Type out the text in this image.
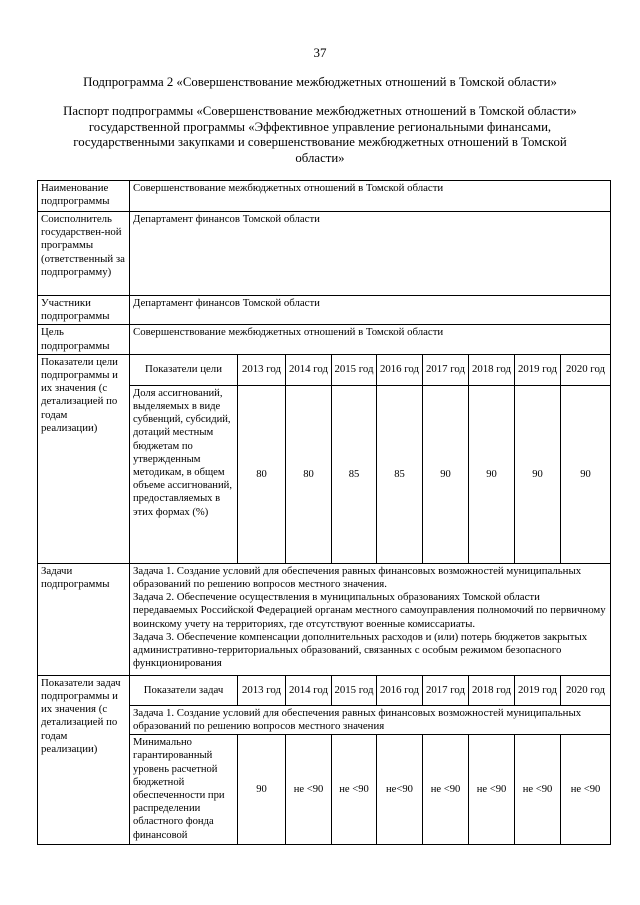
37
Подпрограмма 2 «Совершенствование межбюджетных отношений в Томской области»
Паспорт подпрограммы «Совершенствование межбюджетных отношений в Томской области» государственной программы «Эффективное управление региональными финансами, государственными закупками и совершенствование межбюджетных отношений в Томской области»
Наименование подпрограммы	Совершенствование межбюджетных отношений в Томской области								
Соисполнитель государствен-ной программы (ответственный за подпрограмму)	Департамент финансов Томской области								
Участники подпрограммы	Департамент финансов Томской области								
Цель подпрограммы	Совершенствование межбюджетных отношений в Томской области								
Показатели цели подпрограммы и их значения (с детализацией по годам реализации)	Показатели цели	2013 год	2014 год	2015 год	2016 год	2017 год	2018 год	2019 год	2020 год
	Доля ассигнований, выделяемых в виде субвенций, субсидий, дотаций местным бюджетам по утвержденным методикам, в общем объеме ассигнований, предоставляемых в этих формах (%)	80	80	85	85	90	90	90	90
Задачи подпрограммы	Задача 1. Создание условий для обеспечения равных финансовых возможностей муниципальных образований по решению вопросов местного значения.
Задача 2. Обеспечение осуществления в муниципальных образованиях Томской области передаваемых Российской Федерацией органам местного самоуправления полномочий по первичному воинскому учету на территориях, где отсутствуют военные комиссариаты.
Задача 3. Обеспечение компенсации дополнительных расходов и (или) потерь бюджетов закрытых административно-территориальных образований, связанных с особым режимом безопасного функционирования								

Показатели задач подпрограммы и их значения (с детализацией по годам реализации)	Показатели задач	2013 год	2014 год	2015 год	2016 год	2017 год	2018 год	2019 год	2020 год
	Задача 1. Создание условий для обеспечения равных финансовых возможностей муниципальных образований по решению вопросов местного значения								
	Минимально гарантированный уровень расчетной бюджетной обеспеченности при распределении областного фонда финансовой	90	не <90	не <90	не<90	не <90	не <90	не <90	не <90
